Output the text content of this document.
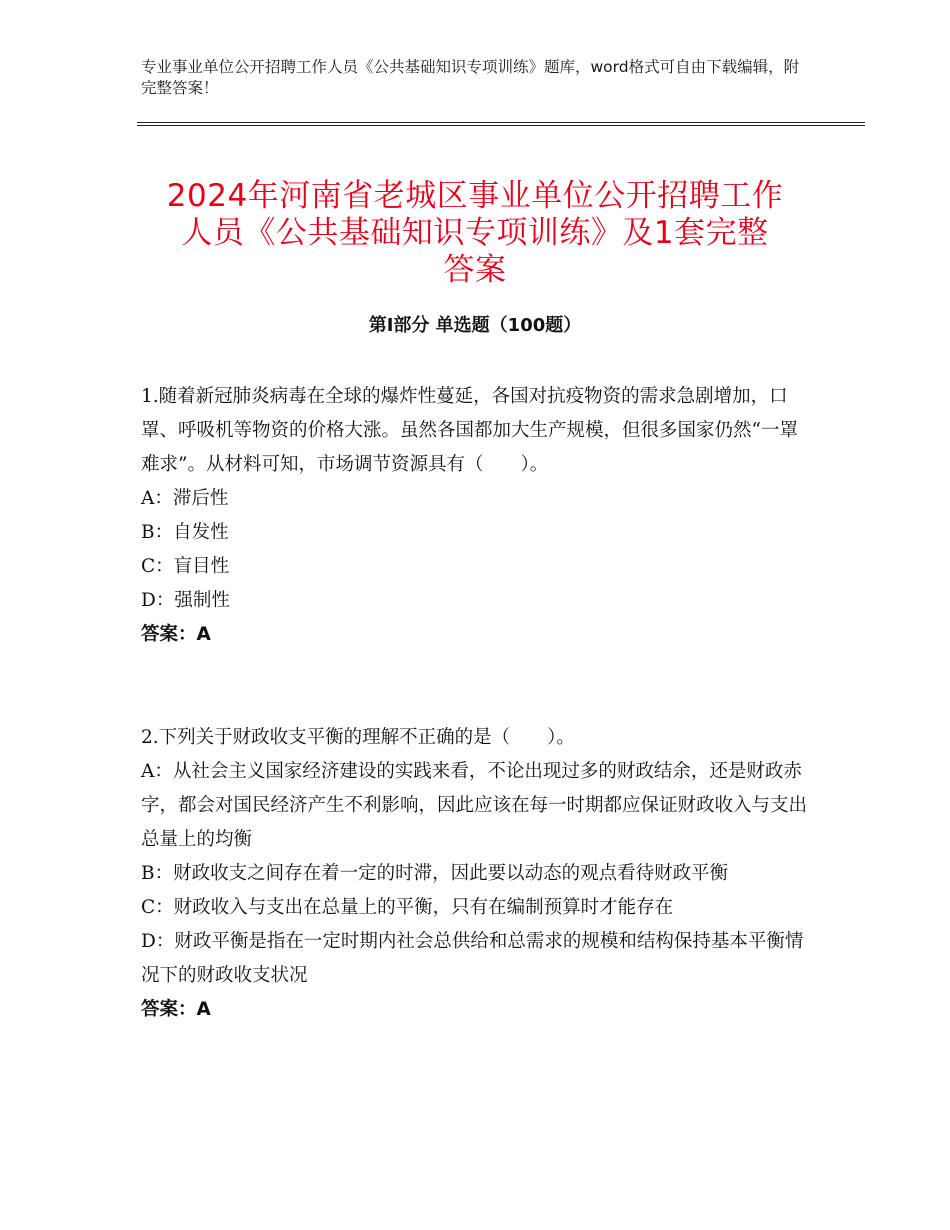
专业事业单位公开招聘工作人员《公共基础知识专项训练》题库，word格式可自由下载编辑，附完整答案！
2024年河南省老城区事业单位公开招聘工作
人员《公共基础知识专项训练》及1套完整
答案
第Ⅰ部分 单选题（100题）

1.随着新冠肺炎病毒在全球的爆炸性蔓延，各国对抗疫物资的需求急剧增加，口罩、呼吸机等物资的价格大涨。虽然各国都加大生产规模，但很多国家仍然“一罩难求”。从材料可知，市场调节资源具有（　　）。

A：滞后性

B：自发性

C：盲目性

D：强制性

答案：A

2.下列关于财政收支平衡的理解不正确的是（　　）。

A：从社会主义国家经济建设的实践来看，不论出现过多的财政结余，还是财政赤字，都会对国民经济产生不利影响，因此应该在每一时期都应保证财政收入与支出总量上的均衡

B：财政收支之间存在着一定的时滞，因此要以动态的观点看待财政平衡

C：财政收入与支出在总量上的平衡，只有在编制预算时才能存在

D：财政平衡是指在一定时期内社会总供给和总需求的规模和结构保持基本平衡情况下的财政收支状况

答案：A
